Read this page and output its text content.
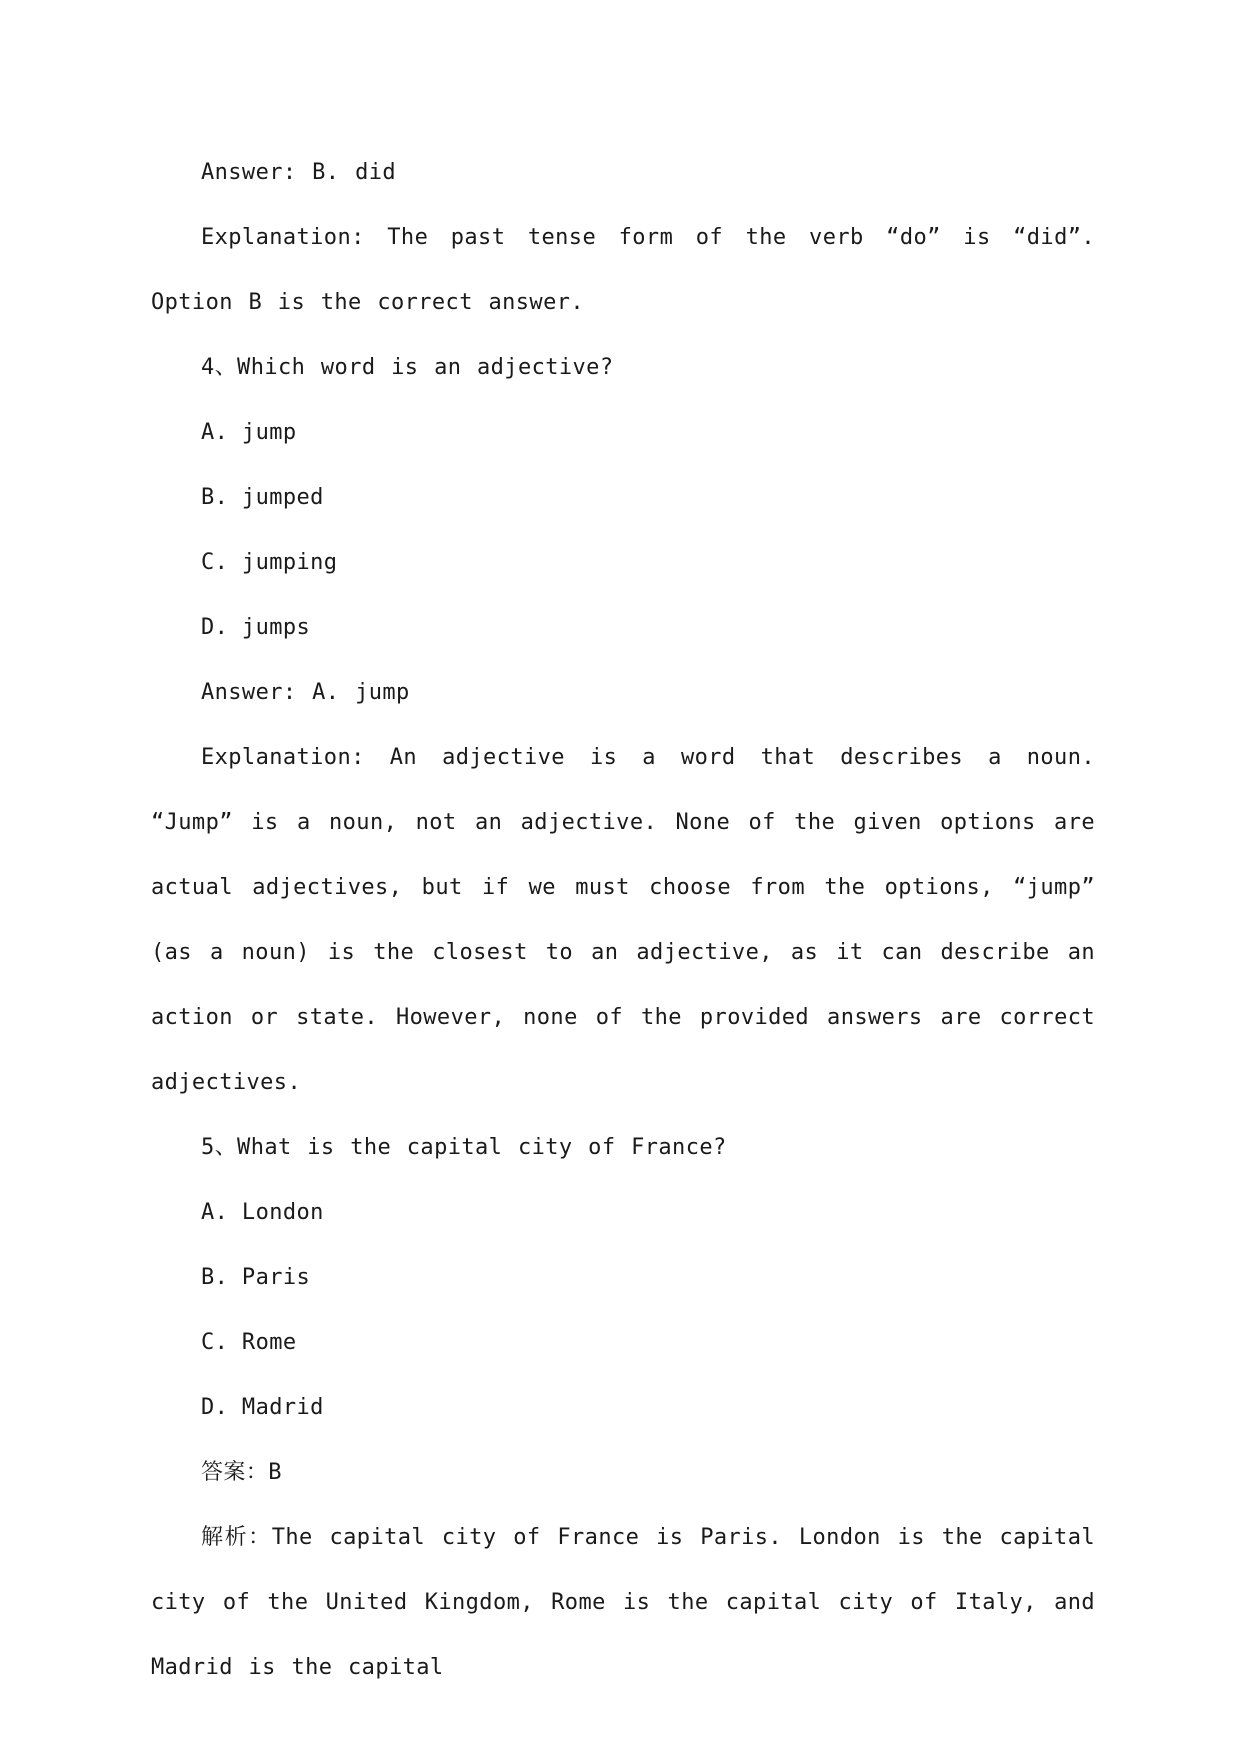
Answer: B. did

Explanation: The past tense form of the verb “do” is “did”. Option B is the correct answer.

4、Which word is an adjective?

A. jump

B. jumped

C. jumping

D. jumps

Answer: A. jump

Explanation: An adjective is a word that describes a noun. “Jump” is a noun, not an adjective. None of the given options are actual adjectives, but if we must choose from the options, “jump” (as a noun) is the closest to an adjective, as it can describe an action or state. However, none of the provided answers are correct adjectives.

5、What is the capital city of France?

A. London

B. Paris

C. Rome

D. Madrid

答案：B

解析：The capital city of France is Paris. London is the capital city of the United Kingdom, Rome is the capital city of Italy, and Madrid is the capital
